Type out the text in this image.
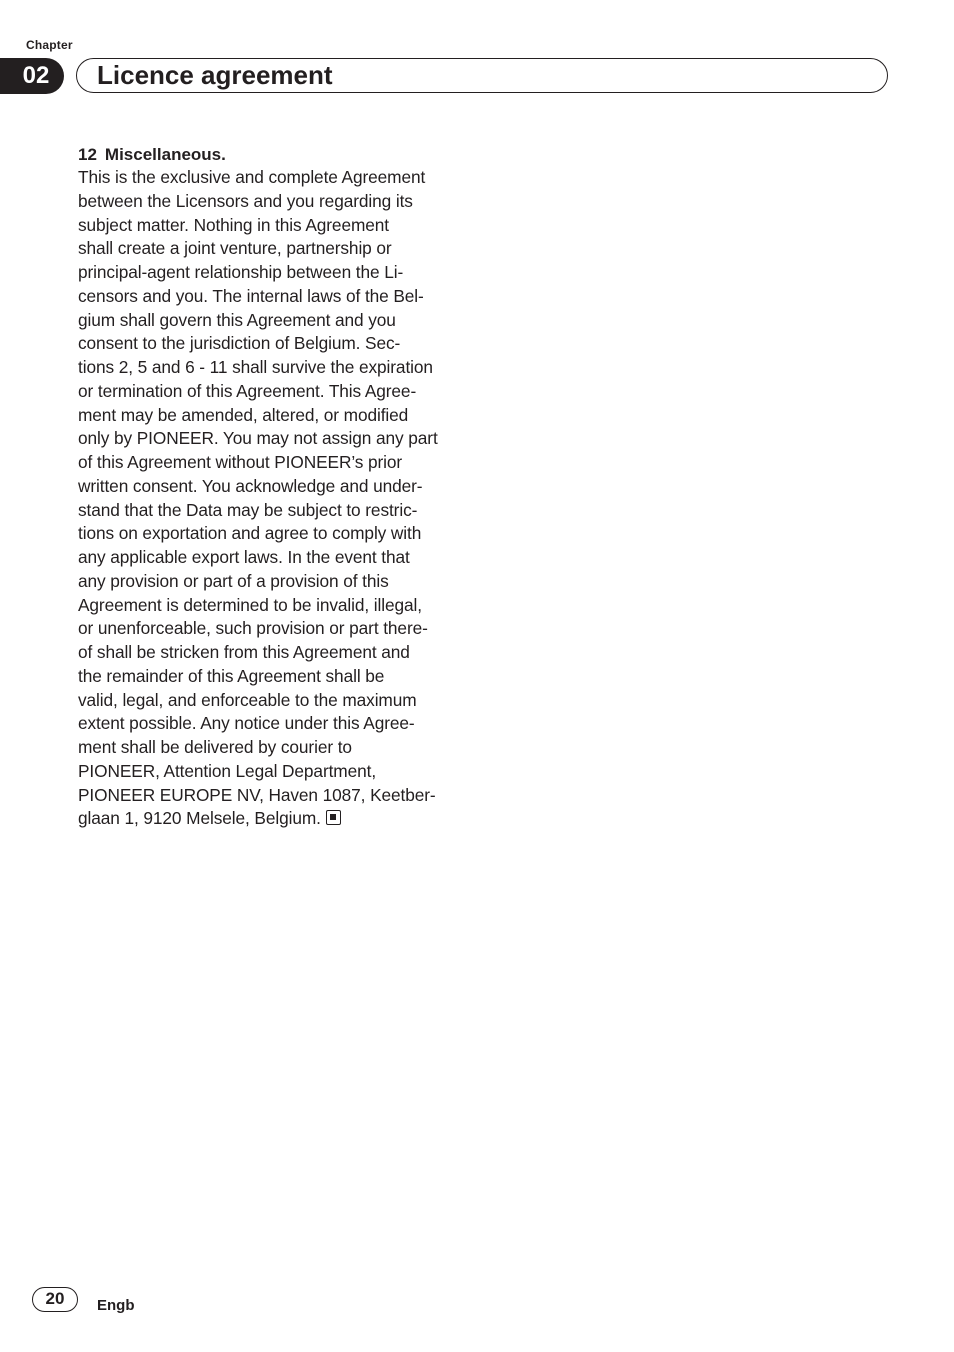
Chapter
02	Licence agreement
12 Miscellaneous.
This is the exclusive and complete Agreement
between the Licensors and you regarding its
subject matter. Nothing in this Agreement
shall create a joint venture, partnership or
principal-agent relationship between the Li-
censors and you. The internal laws of the Bel-
gium shall govern this Agreement and you
consent to the jurisdiction of Belgium. Sec-
tions 2, 5 and 6 - 11 shall survive the expiration
or termination of this Agreement. This Agree-
ment may be amended, altered, or modified
only by PIONEER. You may not assign any part
of this Agreement without PIONEER’s prior
written consent. You acknowledge and under-
stand that the Data may be subject to restric-
tions on exportation and agree to comply with
any applicable export laws. In the event that
any provision or part of a provision of this
Agreement is determined to be invalid, illegal,
or unenforceable, such provision or part there-
of shall be stricken from this Agreement and
the remainder of this Agreement shall be
valid, legal, and enforceable to the maximum
extent possible. Any notice under this Agree-
ment shall be delivered by courier to
PIONEER, Attention Legal Department,
PIONEER EUROPE NV, Haven 1087, Keetber-
glaan 1, 9120 Melsele, Belgium.
20	Engb
